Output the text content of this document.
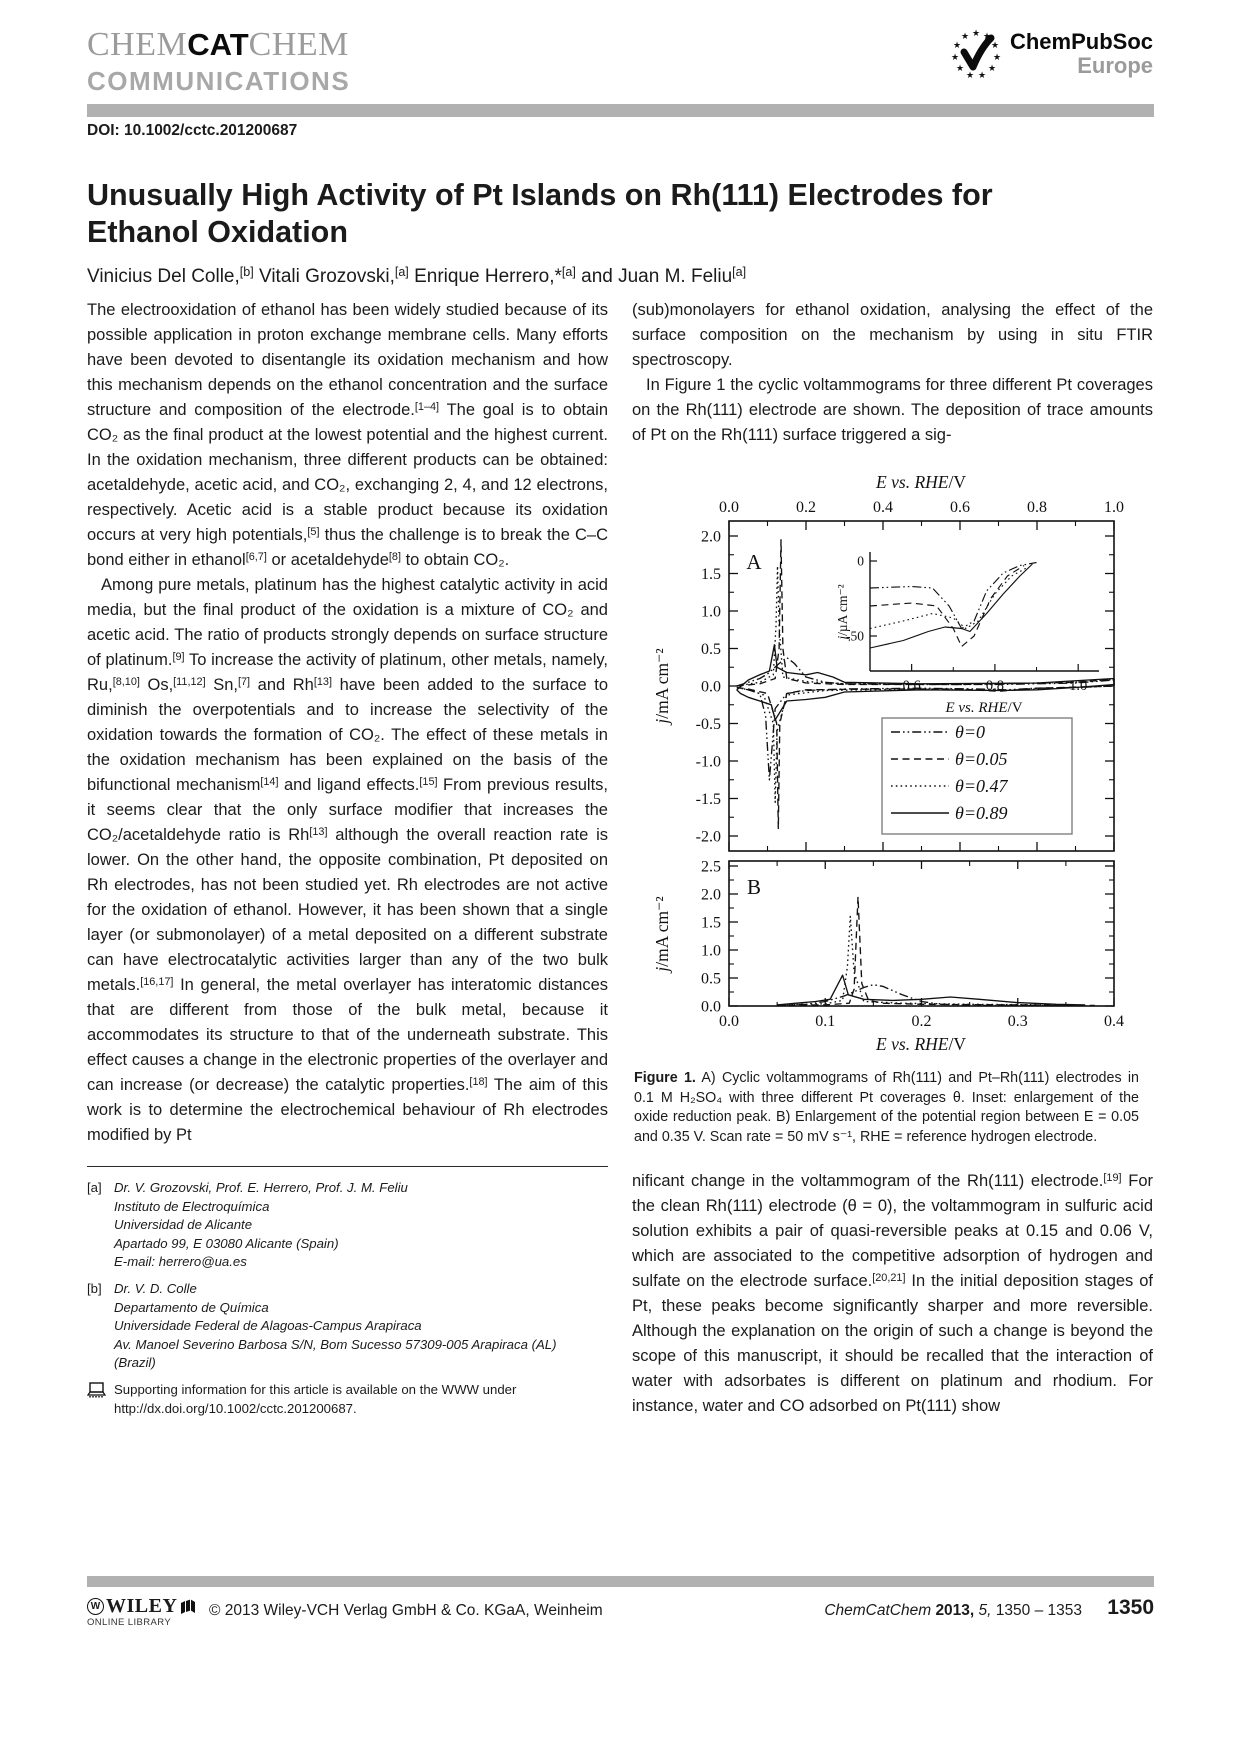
CHEMCATCHEM
COMMUNICATIONS
★ ★
★
★
★
★
★
★
★
★
★ ChemPubSoc
Europe
DOI: 10.1002/cctc.201200687
Unusually High Activity of Pt Islands on Rh(111) Electrodes for Ethanol Oxidation

Vinicius Del Colle,[b] Vitali Grozovski,[a] Enrique Herrero,*[a] and Juan M. Feliu[a]

The electrooxidation of ethanol has been widely studied because of its possible application in proton exchange membrane cells. Many efforts have been devoted to disentangle its oxidation mechanism and how this mechanism depends on the ethanol concentration and the surface structure and composition of the electrode.[1–4] The goal is to obtain CO₂ as the final product at the lowest potential and the highest current. In the oxidation mechanism, three different products can be obtained: acetaldehyde, acetic acid, and CO₂, exchanging 2, 4, and 12 electrons, respectively. Acetic acid is a stable product because its oxidation occurs at very high potentials,[5] thus the challenge is to break the C–C bond either in ethanol[6,7] or acetaldehyde[8] to obtain CO₂.

Among pure metals, platinum has the highest catalytic activity in acid media, but the final product of the oxidation is a mixture of CO₂ and acetic acid. The ratio of products strongly depends on surface structure of platinum.[9] To increase the activity of platinum, other metals, namely, Ru,[8,10] Os,[11,12] Sn,[7] and Rh[13] have been added to the surface to diminish the overpotentials and to increase the selectivity of the oxidation towards the formation of CO₂. The effect of these metals in the oxidation mechanism has been explained on the basis of the bifunctional mechanism[14] and ligand effects.[15] From previous results, it seems clear that the only surface modifier that increases the CO₂/acetaldehyde ratio is Rh[13] although the overall reaction rate is lower. On the other hand, the opposite combination, Pt deposited on Rh electrodes, has not been studied yet. Rh electrodes are not active for the oxidation of ethanol. However, it has been shown that a single layer (or submonolayer) of a metal deposited on a different substrate can have electrocatalytic activities larger than any of the two bulk metals.[16,17] In general, the metal overlayer has interatomic distances that are different from those of the bulk metal, because it accommodates its structure to that of the underneath substrate. This effect causes a change in the electronic properties of the overlayer and can increase (or decrease) the catalytic properties.[18] The aim of this work is to determine the electrochemical behaviour of Rh electrodes modified by Pt

[a] Dr. V. Grozovski, Prof. E. Herrero, Prof. J. M. Feliu
Instituto de Electroquímica
Universidad de Alicante
Apartado 99, E 03080 Alicante (Spain)
E-mail: herrero@ua.es
[b] Dr. V. D. Colle
Departamento de Química
Universidade Federal de Alagoas-Campus Arapiraca
Av. Manoel Severino Barbosa S/N, Bom Sucesso 57309-005 Arapiraca (AL)
(Brazil)
Supporting information for this article is available on the WWW under http://dx.doi.org/10.1002/cctc.201200687.

(sub)monolayers for ethanol oxidation, analysing the effect of the surface composition on the mechanism by using in situ FTIR spectroscopy.

In Figure 1 the cyclic voltammograms for three different Pt coverages on the Rh(111) electrode are shown. The deposition of trace amounts of Pt on the Rh(111) surface triggered a sig-

0.0	0.2	0.4	0.6	0.8	1.0
2.0
1.5
1.0
0.5
0.0
-0.5
-1.0
-1.5
-2.0
E vs. RHE/V
j/mA cm⁻²
A	0
-50
0.6	0.8	1.0
j/µA cm⁻²
E vs. RHE/V
θ=0
θ=0.05
θ=0.47
θ=0.89
0.0	0.1	0.2	0.3	0.4
2.5
2.0
1.5
1.0
0.5
0.0
B
E vs. RHE/V
j/mA cm⁻²

Figure 1. A) Cyclic voltammograms of Rh(111) and Pt–Rh(111) electrodes in 0.1 M H₂SO₄ with three different Pt coverages θ. Inset: enlargement of the oxide reduction peak. B) Enlargement of the potential region between E = 0.05 and 0.35 V. Scan rate = 50 mV s⁻¹, RHE = reference hydrogen electrode.

nificant change in the voltammogram of the Rh(111) electrode.[19] For the clean Rh(111) electrode (θ = 0), the voltammogram in sulfuric acid solution exhibits a pair of quasi-reversible peaks at 0.15 and 0.06 V, which are associated to the competitive adsorption of hydrogen and sulfate on the electrode surface.[20,21] In the initial deposition stages of Pt, these peaks become significantly sharper and more reversible. Although the explanation on the origin of such a change is beyond the scope of this manuscript, it should be recalled that the interaction of water with adsorbates is different on platinum and rhodium. For instance, water and CO adsorbed on Pt(111) show

W WILEY
ONLINE LIBRARY
© 2013 Wiley-VCH Verlag GmbH & Co. KGaA, Weinheim	ChemCatChem 2013, 5, 1350 – 1353 1350
